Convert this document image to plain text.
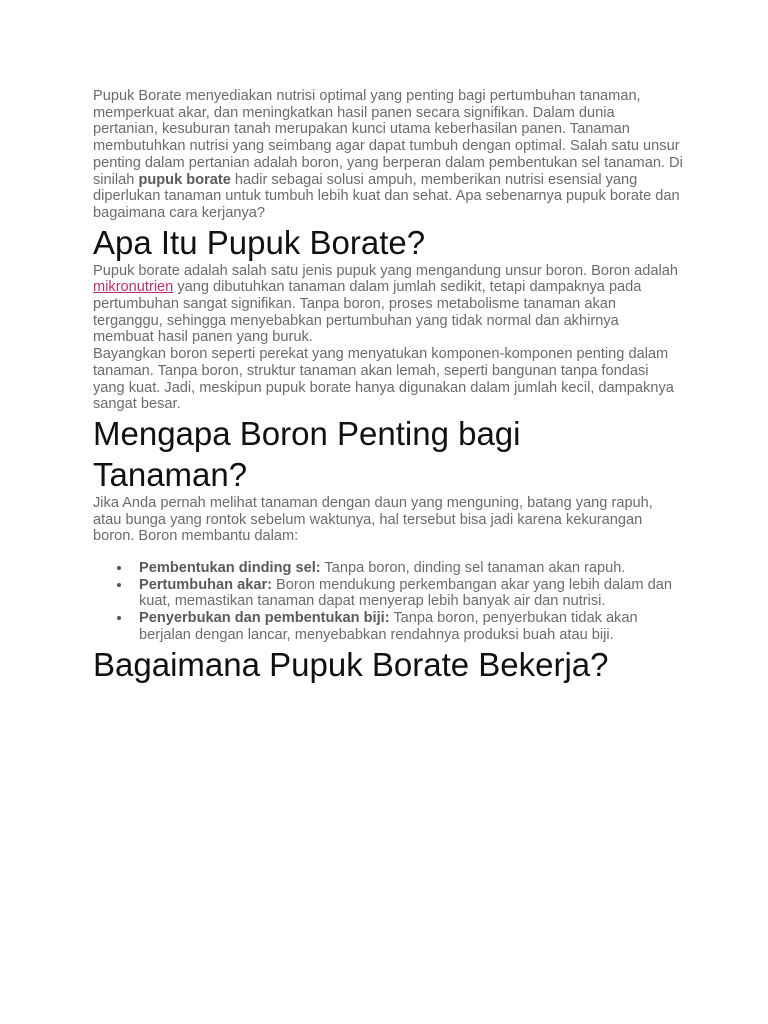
Pupuk Borate menyediakan nutrisi optimal yang penting bagi pertumbuhan tanaman, memperkuat akar, dan meningkatkan hasil panen secara signifikan. Dalam dunia pertanian, kesuburan tanah merupakan kunci utama keberhasilan panen. Tanaman membutuhkan nutrisi yang seimbang agar dapat tumbuh dengan optimal. Salah satu unsur penting dalam pertanian adalah boron, yang berperan dalam pembentukan sel tanaman. Di sinilah pupuk borate hadir sebagai solusi ampuh, memberikan nutrisi esensial yang diperlukan tanaman untuk tumbuh lebih kuat dan sehat. Apa sebenarnya pupuk borate dan bagaimana cara kerjanya?

Apa Itu Pupuk Borate?

Pupuk borate adalah salah satu jenis pupuk yang mengandung unsur boron. Boron adalah mikronutrien yang dibutuhkan tanaman dalam jumlah sedikit, tetapi dampaknya pada pertumbuhan sangat signifikan. Tanpa boron, proses metabolisme tanaman akan terganggu, sehingga menyebabkan pertumbuhan yang tidak normal dan akhirnya membuat hasil panen yang buruk.

Bayangkan boron seperti perekat yang menyatukan komponen-komponen penting dalam tanaman. Tanpa boron, struktur tanaman akan lemah, seperti bangunan tanpa fondasi yang kuat. Jadi, meskipun pupuk borate hanya digunakan dalam jumlah kecil, dampaknya sangat besar.

Mengapa Boron Penting bagi Tanaman?

Jika Anda pernah melihat tanaman dengan daun yang menguning, batang yang rapuh, atau bunga yang rontok sebelum waktunya, hal tersebut bisa jadi karena kekurangan boron. Boron membantu dalam:

Pembentukan dinding sel: Tanpa boron, dinding sel tanaman akan rapuh.
Pertumbuhan akar: Boron mendukung perkembangan akar yang lebih dalam dan kuat, memastikan tanaman dapat menyerap lebih banyak air dan nutrisi.
Penyerbukan dan pembentukan biji: Tanpa boron, penyerbukan tidak akan berjalan dengan lancar, menyebabkan rendahnya produksi buah atau biji.
Bagaimana Pupuk Borate Bekerja?
